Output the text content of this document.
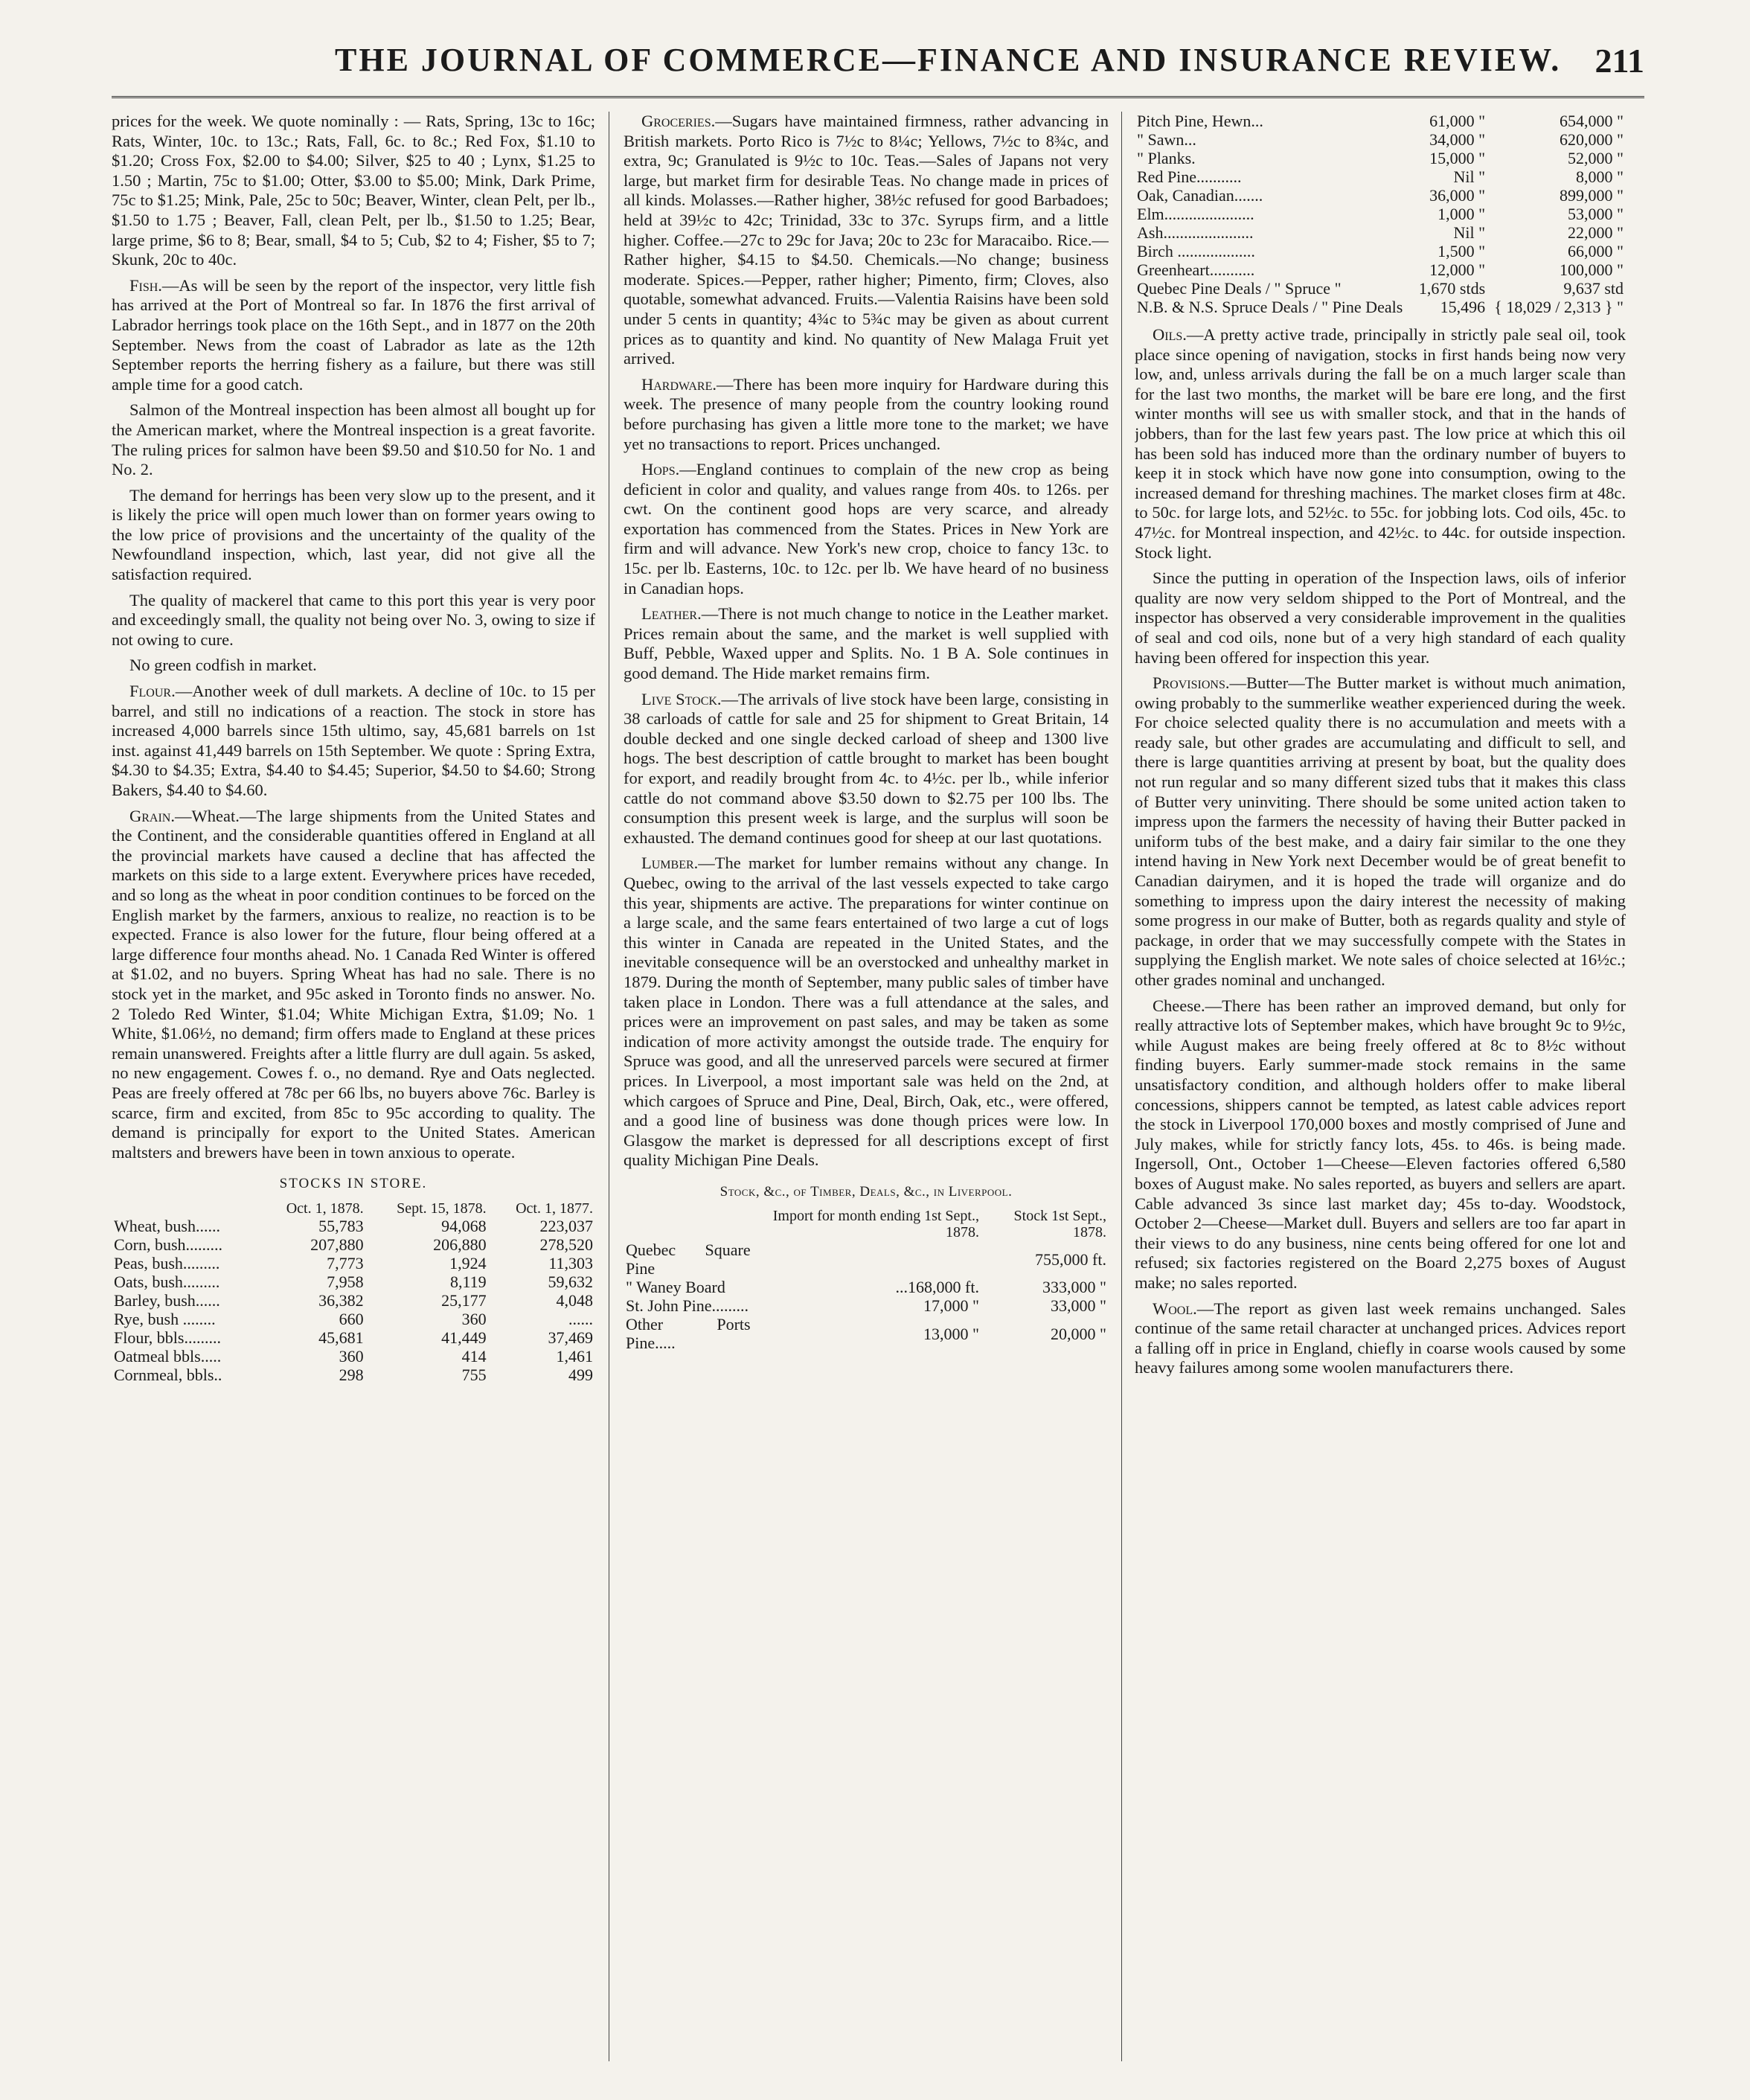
THE JOURNAL OF COMMERCE—FINANCE AND INSURANCE REVIEW. 211

prices for the week. We quote nominally : — Rats, Spring, 13c to 16c; Rats, Winter, 10c. to 13c.; Rats, Fall, 6c. to 8c.; Red Fox, $1.10 to $1.20; Cross Fox, $2.00 to $4.00; Silver, $25 to 40 ; Lynx, $1.25 to 1.50 ; Martin, 75c to $1.00; Otter, $3.00 to $5.00; Mink, Dark Prime, 75c to $1.25; Mink, Pale, 25c to 50c; Beaver, Winter, clean Pelt, per lb., $1.50 to 1.75 ; Beaver, Fall, clean Pelt, per lb., $1.50 to 1.25; Bear, large prime, $6 to 8; Bear, small, $4 to 5; Cub, $2 to 4; Fisher, $5 to 7; Skunk, 20c to 40c.

Fish.—As will be seen by the report of the inspector, very little fish has arrived at the Port of Montreal so far. In 1876 the first arrival of Labrador herrings took place on the 16th Sept., and in 1877 on the 20th September. News from the coast of Labrador as late as the 12th September reports the herring fishery as a failure, but there was still ample time for a good catch.

Salmon of the Montreal inspection has been almost all bought up for the American market, where the Montreal inspection is a great favorite. The ruling prices for salmon have been $9.50 and $10.50 for No. 1 and No. 2.

The demand for herrings has been very slow up to the present, and it is likely the price will open much lower than on former years owing to the low price of provisions and the uncertainty of the quality of the Newfoundland inspection, which, last year, did not give all the satisfaction required.

The quality of mackerel that came to this port this year is very poor and exceedingly small, the quality not being over No. 3, owing to size if not owing to cure.

No green codfish in market.

Flour.—Another week of dull markets. A decline of 10c. to 15 per barrel, and still no indications of a reaction. The stock in store has increased 4,000 barrels since 15th ultimo, say, 45,681 barrels on 1st inst. against 41,449 barrels on 15th September. We quote : Spring Extra, $4.30 to $4.35; Extra, $4.40 to $4.45; Superior, $4.50 to $4.60; Strong Bakers, $4.40 to $4.60.

Grain.—Wheat.—The large shipments from the United States and the Continent, and the considerable quantities offered in England at all the provincial markets have caused a decline that has affected the markets on this side to a large extent. Everywhere prices have receded, and so long as the wheat in poor condition continues to be forced on the English market by the farmers, anxious to realize, no reaction is to be expected. France is also lower for the future, flour being offered at a large difference four months ahead. No. 1 Canada Red Winter is offered at $1.02, and no buyers. Spring Wheat has had no sale. There is no stock yet in the market, and 95c asked in Toronto finds no answer. No. 2 Toledo Red Winter, $1.04; White Michigan Extra, $1.09; No. 1 White, $1.06½, no demand; firm offers made to England at these prices remain unanswered. Freights after a little flurry are dull again. 5s asked, no new engagement. Cowes f. o., no demand. Rye and Oats neglected. Peas are freely offered at 78c per 66 lbs, no buyers above 76c. Barley is scarce, firm and excited, from 85c to 95c according to quality. The demand is principally for export to the United States. American maltsters and brewers have been in town anxious to operate.

STOCKS IN STORE.
	Oct. 1, 1878.	Sept. 15, 1878.	Oct. 1, 1877.
Wheat, bush......	55,783	94,068	223,037
Corn, bush.........	207,880	206,880	278,520
Peas, bush.........	7,773	1,924	11,303
Oats, bush.........	7,958	8,119	59,632
Barley, bush......	36,382	25,177	4,048
Rye, bush ........	660	360	......
Flour, bbls.........	45,681	41,449	37,469
Oatmeal bbls.....	360	414	1,461
Cornmeal, bbls..	298	755	499

Groceries.—Sugars have maintained firmness, rather advancing in British markets. Porto Rico is 7½c to 8¼c; Yellows, 7½c to 8¾c, and extra, 9c; Granulated is 9½c to 10c. Teas.—Sales of Japans not very large, but market firm for desirable Teas. No change made in prices of all kinds. Molasses.—Rather higher, 38½c refused for good Barbadoes; held at 39½c to 42c; Trinidad, 33c to 37c. Syrups firm, and a little higher. Coffee.—27c to 29c for Java; 20c to 23c for Maracaibo. Rice.—Rather higher, $4.15 to $4.50. Chemicals.—No change; business moderate. Spices.—Pepper, rather higher; Pimento, firm; Cloves, also quotable, somewhat advanced. Fruits.—Valentia Raisins have been sold under 5 cents in quantity; 4¾c to 5¾c may be given as about current prices as to quantity and kind. No quantity of New Malaga Fruit yet arrived.

Hardware.—There has been more inquiry for Hardware during this week. The presence of many people from the country looking round before purchasing has given a little more tone to the market; we have yet no transactions to report. Prices unchanged.

Hops.—England continues to complain of the new crop as being deficient in color and quality, and values range from 40s. to 126s. per cwt. On the continent good hops are very scarce, and already exportation has commenced from the States. Prices in New York are firm and will advance. New York's new crop, choice to fancy 13c. to 15c. per lb. Easterns, 10c. to 12c. per lb. We have heard of no business in Canadian hops.

Leather.—There is not much change to notice in the Leather market. Prices remain about the same, and the market is well supplied with Buff, Pebble, Waxed upper and Splits. No. 1 B A. Sole continues in good demand. The Hide market remains firm.

Live Stock.—The arrivals of live stock have been large, consisting in 38 carloads of cattle for sale and 25 for shipment to Great Britain, 14 double decked and one single decked carload of sheep and 1300 live hogs. The best description of cattle brought to market has been bought for export, and readily brought from 4c. to 4½c. per lb., while inferior cattle do not command above $3.50 down to $2.75 per 100 lbs. The consumption this present week is large, and the surplus will soon be exhausted. The demand continues good for sheep at our last quotations.

Lumber.—The market for lumber remains without any change. In Quebec, owing to the arrival of the last vessels expected to take cargo this year, shipments are active. The preparations for winter continue on a large scale, and the same fears entertained of two large a cut of logs this winter in Canada are repeated in the United States, and the inevitable consequence will be an overstocked and unhealthy market in 1879. During the month of September, many public sales of timber have taken place in London. There was a full attendance at the sales, and prices were an improvement on past sales, and may be taken as some indication of more activity amongst the outside trade. The enquiry for Spruce was good, and all the unreserved parcels were secured at firmer prices. In Liverpool, a most important sale was held on the 2nd, at which cargoes of Spruce and Pine, Deal, Birch, Oak, etc., were offered, and a good line of business was done though prices were low. In Glasgow the market is depressed for all descriptions except of first quality Michigan Pine Deals.

Stock, &c., of Timber, Deals, &c., in Liverpool.
	Import for month ending 1st Sept., 1878.	Stock 1st Sept., 1878.
Quebec Square Pine		755,000 ft.
" Waney Board	...168,000 ft.	333,000 "
St. John Pine.........	17,000 "	33,000 "
Other Ports Pine.....	13,000 "	20,000 "
Pitch Pine, Hewn...	61,000 "	654,000 "
" Sawn...	34,000 "	620,000 "
" Planks.	15,000 "	52,000 "
Red Pine...........	Nil "	8,000 "
Oak, Canadian.......	36,000 "	899,000 "
Elm......................	1,000 "	53,000 "
Ash......................	Nil "	22,000 "
Birch ...................	1,500 "	66,000 "
Greenheart...........	12,000 "	100,000 "
Quebec Pine Deals / " Spruce "	1,670 stds	9,637 std
N.B. & N.S. Spruce Deals / " Pine Deals	15,496	{ 18,029 / 2,313 } "

Oils.—A pretty active trade, principally in strictly pale seal oil, took place since opening of navigation, stocks in first hands being now very low, and, unless arrivals during the fall be on a much larger scale than for the last two months, the market will be bare ere long, and the first winter months will see us with smaller stock, and that in the hands of jobbers, than for the last few years past. The low price at which this oil has been sold has induced more than the ordinary number of buyers to keep it in stock which have now gone into consumption, owing to the increased demand for threshing machines. The market closes firm at 48c. to 50c. for large lots, and 52½c. to 55c. for jobbing lots. Cod oils, 45c. to 47½c. for Montreal inspection, and 42½c. to 44c. for outside inspection. Stock light.

Since the putting in operation of the Inspection laws, oils of inferior quality are now very seldom shipped to the Port of Montreal, and the inspector has observed a very considerable improvement in the qualities of seal and cod oils, none but of a very high standard of each quality having been offered for inspection this year.

Provisions.—Butter—The Butter market is without much animation, owing probably to the summerlike weather experienced during the week. For choice selected quality there is no accumulation and meets with a ready sale, but other grades are accumulating and difficult to sell, and there is large quantities arriving at present by boat, but the quality does not run regular and so many different sized tubs that it makes this class of Butter very uninviting. There should be some united action taken to impress upon the farmers the necessity of having their Butter packed in uniform tubs of the best make, and a dairy fair similar to the one they intend having in New York next December would be of great benefit to Canadian dairymen, and it is hoped the trade will organize and do something to impress upon the dairy interest the necessity of making some progress in our make of Butter, both as regards quality and style of package, in order that we may successfully compete with the States in supplying the English market. We note sales of choice selected at 16½c.; other grades nominal and unchanged.

Cheese.—There has been rather an improved demand, but only for really attractive lots of September makes, which have brought 9c to 9½c, while August makes are being freely offered at 8c to 8½c without finding buyers. Early summer-made stock remains in the same unsatisfactory condition, and although holders offer to make liberal concessions, shippers cannot be tempted, as latest cable advices report the stock in Liverpool 170,000 boxes and mostly comprised of June and July makes, while for strictly fancy lots, 45s. to 46s. is being made. Ingersoll, Ont., October 1—Cheese—Eleven factories offered 6,580 boxes of August make. No sales reported, as buyers and sellers are apart. Cable advanced 3s since last market day; 45s to-day. Woodstock, October 2—Cheese—Market dull. Buyers and sellers are too far apart in their views to do any business, nine cents being offered for one lot and refused; six factories registered on the Board 2,275 boxes of August make; no sales reported.

Wool.—The report as given last week remains unchanged. Sales continue of the same retail character at unchanged prices. Advices report a falling off in price in England, chiefly in coarse wools caused by some heavy failures among some woolen manufacturers there.
